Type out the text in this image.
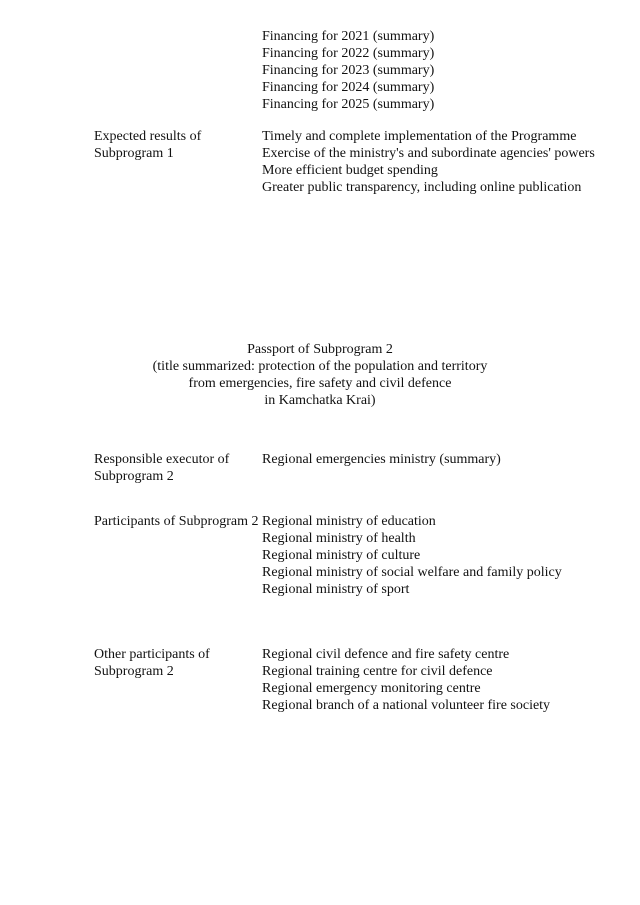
Financing for 2021 (summary)
Financing for 2022 (summary)
Financing for 2023 (summary)
Financing for 2024 (summary)
Financing for 2025 (summary)
Expected results of Subprogram 1

Timely and complete implementation of the Programme

Exercise of the ministry's and subordinate agencies' powers

More efficient budget spending

Greater public transparency, including online publication

Passport of Subprogram 2
(title summarized: protection of the population and territory
from emergencies, fire safety and civil defence
in Kamchatka Krai)
Responsible executor of Subprogram 2
Regional emergencies ministry (summary)
Participants of Subprogram 2 Regional ministry of education

Regional ministry of health

Regional ministry of culture

Regional ministry of social welfare and family policy

Regional ministry of sport

Other participants of Subprogram 2

Regional civil defence and fire safety centre

Regional training centre for civil defence

Regional emergency monitoring centre

Regional branch of a national volunteer fire society
